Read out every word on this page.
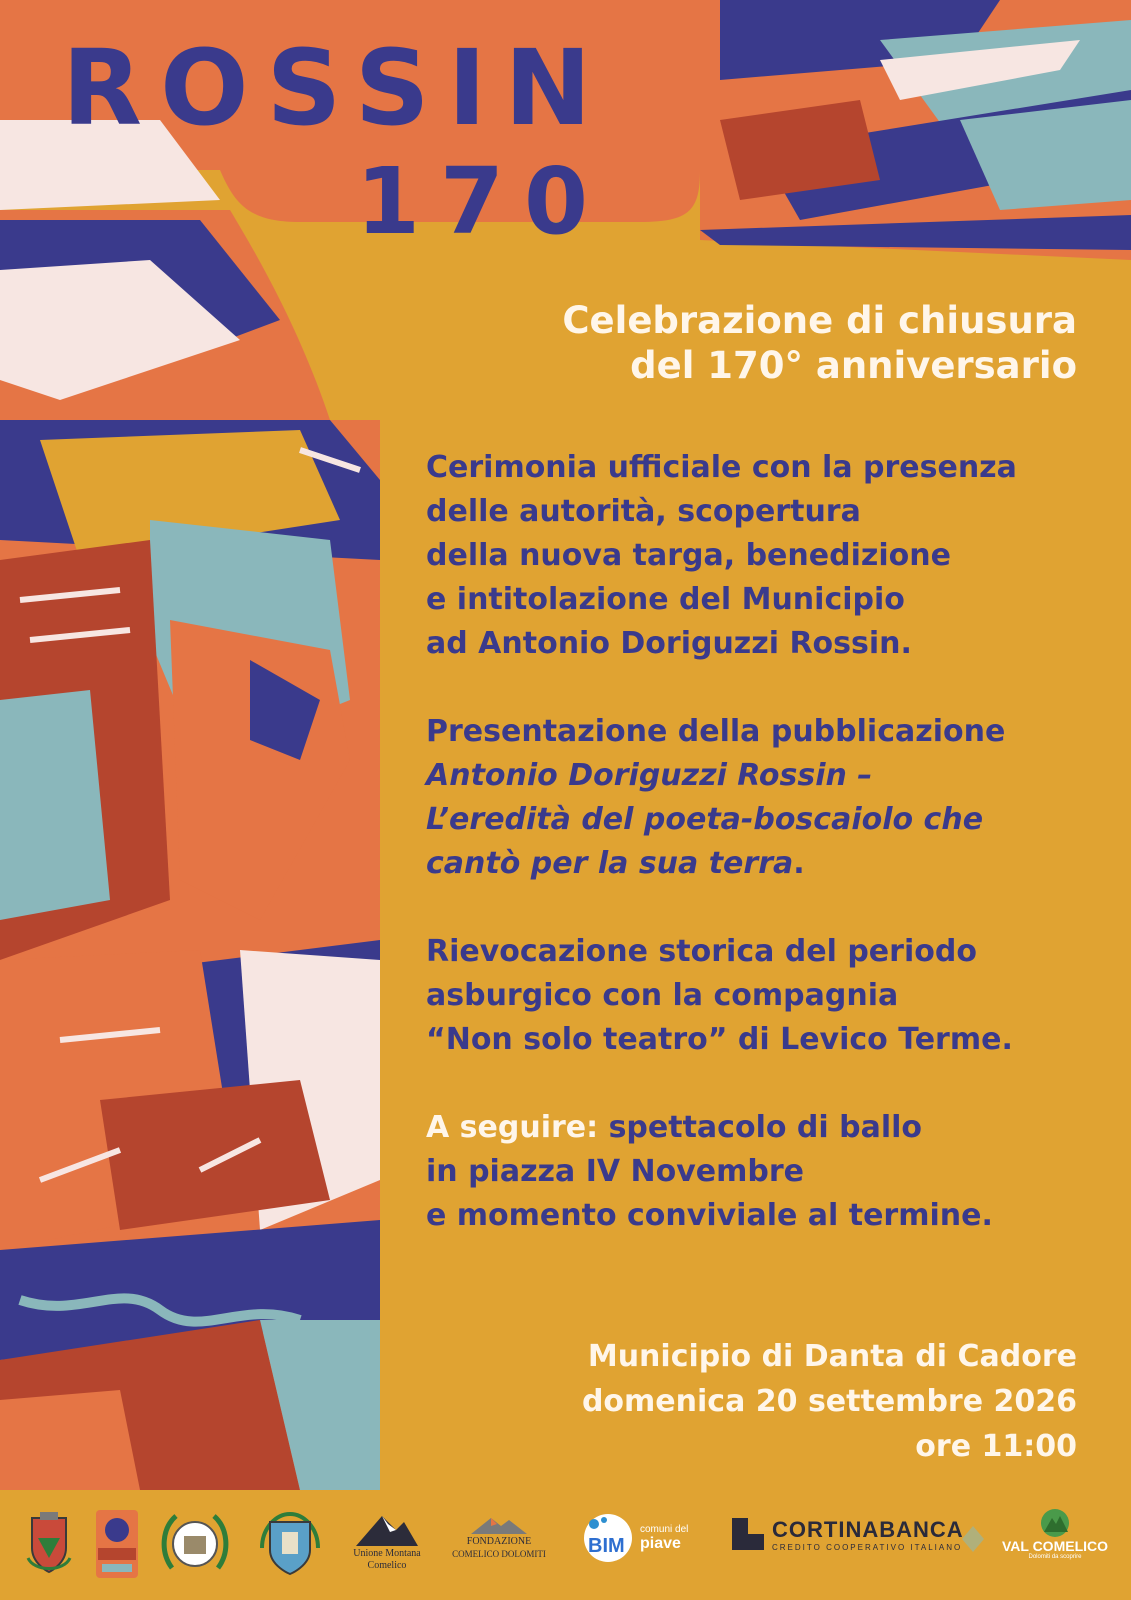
ROSSIN
170
Celebrazione di chiusura
del 170° anniversario
Cerimonia ufficiale con la presenza
delle autorità, scopertura
della nuova targa, benedizione
e intitolazione del Municipio
ad Antonio Doriguzzi Rossin.
Presentazione della pubblicazione
Antonio Doriguzzi Rossin –
L’eredità del poeta-boscaiolo che
cantò per la sua terra.
Rievocazione storica del periodo
asburgico con la compagnia
“Non solo teatro” di Levico Terme.
A seguire: spettacolo di ballo
in piazza IV Novembre
e momento conviviale al termine.
Municipio di Danta di Cadore
domenica 20 settembre 2026
ore 11:00
Unione Montana
Comelico
FONDAZIONE
COMELICO DOLOMITI BIM
comuni del
piave
CORTINABANCA
CREDITO COOPERATIVO ITALIANO	VAL COMELICO
Dolomiti da scoprire
